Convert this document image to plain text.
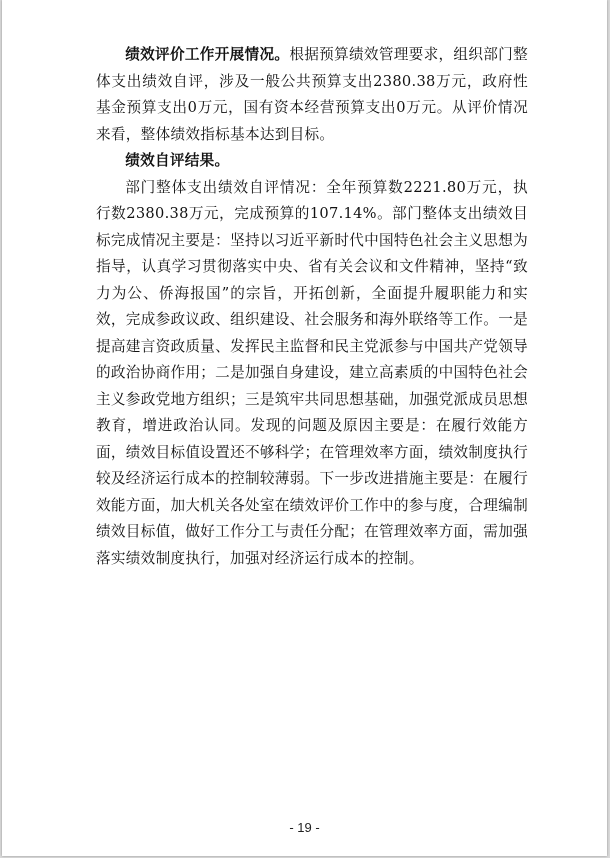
绩效评价工作开展情况。根据预算绩效管理要求，组织部门整体支出绩效自评，涉及一般公共预算支出2380.38万元，政府性基金预算支出0万元，国有资本经营预算支出0万元。从评价情况来看，整体绩效指标基本达到目标。

绩效自评结果。

部门整体支出绩效自评情况：全年预算数2221.80万元，执行数2380.38万元，完成预算的107.14%。部门整体支出绩效目标完成情况主要是：坚持以习近平新时代中国特色社会主义思想为指导，认真学习贯彻落实中央、省有关会议和文件精神，坚持“致力为公、侨海报国”的宗旨，开拓创新，全面提升履职能力和实效，完成参政议政、组织建设、社会服务和海外联络等工作。一是提高建言资政质量、发挥民主监督和民主党派参与中国共产党领导的政治协商作用；二是加强自身建设，建立高素质的中国特色社会主义参政党地方组织；三是筑牢共同思想基础，加强党派成员思想教育，增进政治认同。发现的问题及原因主要是：在履行效能方面，绩效目标值设置还不够科学；在管理效率方面，绩效制度执行较及经济运行成本的控制较薄弱。下一步改进措施主要是：在履行效能方面，加大机关各处室在绩效评价工作中的参与度，合理编制绩效目标值，做好工作分工与责任分配；在管理效率方面，需加强落实绩效制度执行，加强对经济运行成本的控制。

- 19 -
